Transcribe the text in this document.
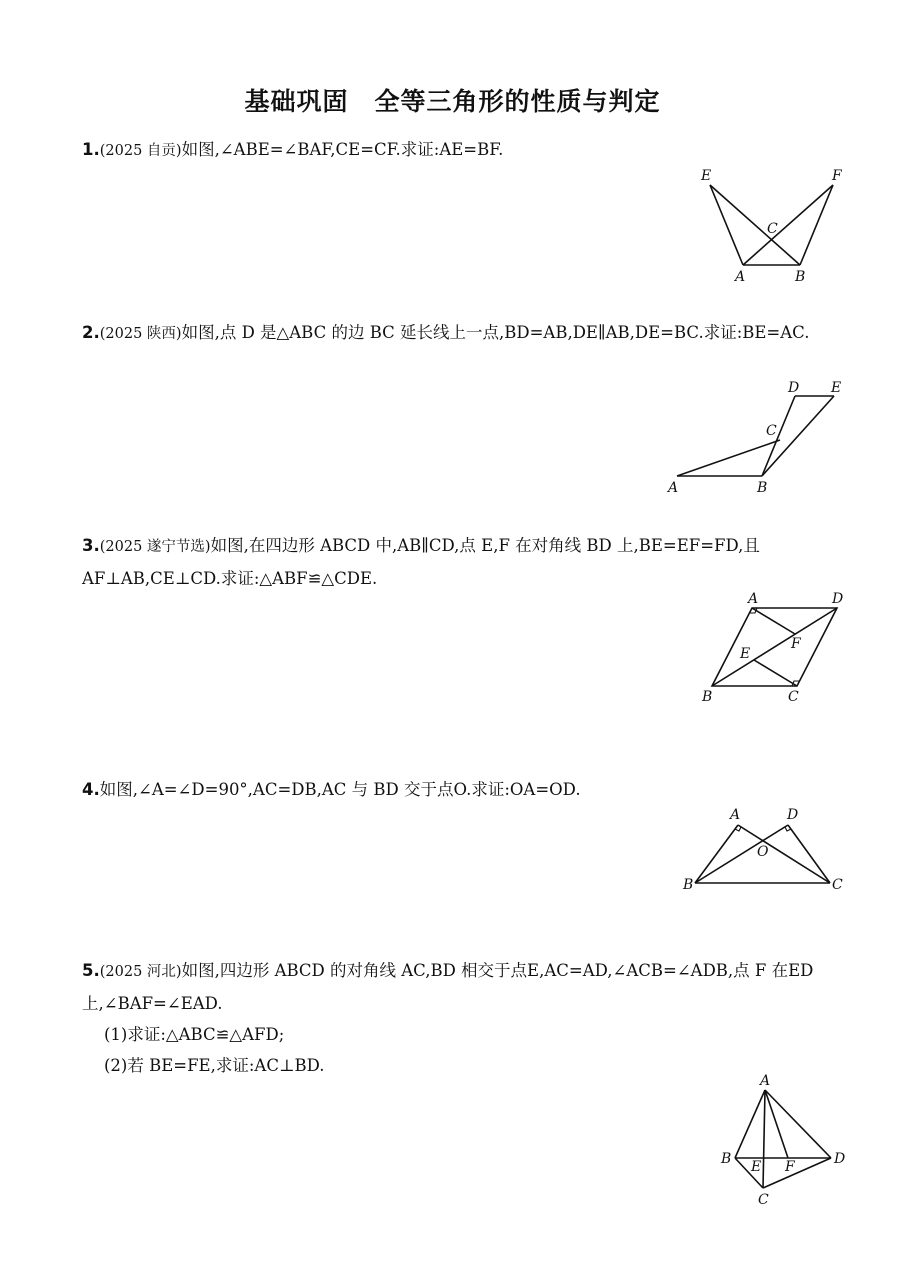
基础巩固　全等三角形的性质与判定
1.(2025 自贡)如图,∠ABE=∠BAF,CE=CF.求证:AE=BF.
E	F
C
A	B
2.(2025 陕西)如图,点 D 是△ABC 的边 BC 延长线上一点,BD=AB,DE∥AB,DE=BC.求证:BE=AC.
D E
C
A	B
3.(2025 遂宁节选)如图,在四边形 ABCD 中,AB∥CD,点 E,F 在对角线 BD 上,BE=EF=FD,且 AF⊥AB,CE⊥CD.求证:△ABF≌△CDE.
A	D
F
E
B	C
4.如图,∠A=∠D=90°,AC=DB,AC 与 BD 交于点O.求证:OA=OD.
A	D
O
B	C
5.(2025 河北)如图,四边形 ABCD 的对角线 AC,BD 相交于点E,AC=AD,∠ACB=∠ADB,点 F 在ED 上,∠BAF=∠EAD.
(1)求证:△ABC≌△AFD;
(2)若 BE=FE,求证:AC⊥BD.
A
B E F	D
C
